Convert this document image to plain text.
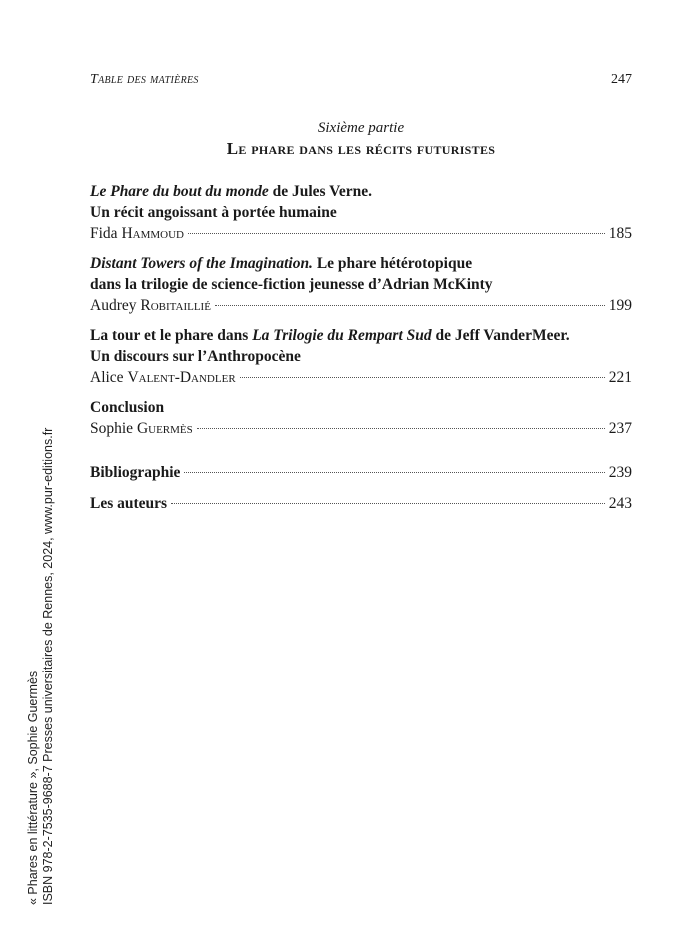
Table des matières	247
Sixième partie
Le phare dans les récits futuristes
Le Phare du bout du monde de Jules Verne.
Un récit angoissant à portée humaine
Fida Hammoud	185
Distant Towers of the Imagination. Le phare hétérotopique
dans la trilogie de science-fiction jeunesse d’Adrian McKinty
Audrey Robitaillié	199
La tour et le phare dans La Trilogie du Rempart Sud de Jeff VanderMeer.
Un discours sur l’Anthropocène
Alice Valent-Dandler	221
Conclusion
Sophie Guermès	237
Bibliographie	239
Les auteurs	243
« Phares en littérature », Sophie Guermès ISBN 978-2-7535-9688-7 Presses universitaires de Rennes, 2024, www.pur-editions.fr
